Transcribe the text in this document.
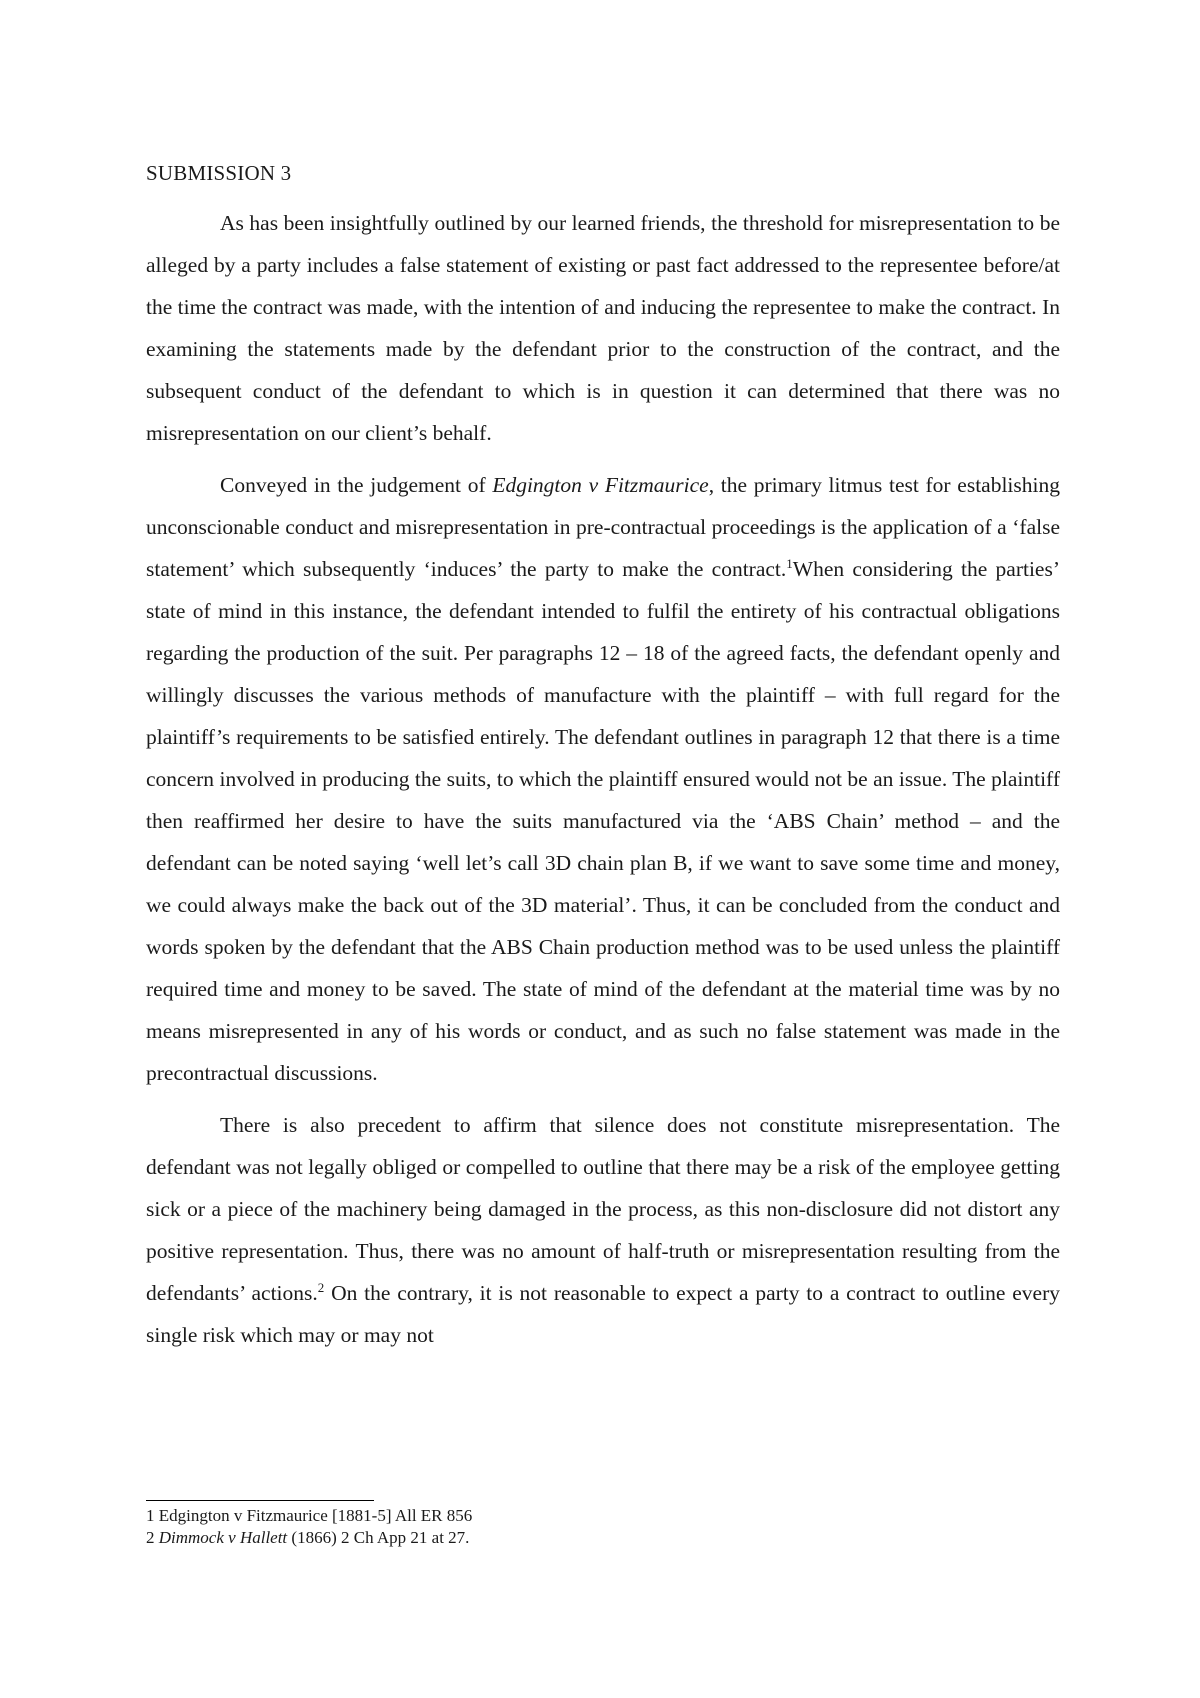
SUBMISSION 3

As has been insightfully outlined by our learned friends, the threshold for misrepresentation to be alleged by a party includes a false statement of existing or past fact addressed to the representee before/at the time the contract was made, with the intention of and inducing the representee to make the contract. In examining the statements made by the defendant prior to the construction of the contract, and the subsequent conduct of the defendant to which is in question it can determined that there was no misrepresentation on our client’s behalf.

Conveyed in the judgement of Edgington v Fitzmaurice, the primary litmus test for establishing unconscionable conduct and misrepresentation in pre-contractual proceedings is the application of a ‘false statement’ which subsequently ‘induces’ the party to make the contract.$^1$When considering the parties’ state of mind in this instance, the defendant intended to fulfil the entirety of his contractual obligations regarding the production of the suit. Per paragraphs 12 – 18 of the agreed facts, the defendant openly and willingly discusses the various methods of manufacture with the plaintiff – with full regard for the plaintiff’s requirements to be satisfied entirely. The defendant outlines in paragraph 12 that there is a time concern involved in producing the suits, to which the plaintiff ensured would not be an issue. The plaintiff then reaffirmed her desire to have the suits manufactured via the ‘ABS Chain’ method – and the defendant can be noted saying ‘well let’s call 3D chain plan B, if we want to save some time and money, we could always make the back out of the 3D material’. Thus, it can be concluded from the conduct and words spoken by the defendant that the ABS Chain production method was to be used unless the plaintiff required time and money to be saved. The state of mind of the defendant at the material time was by no means misrepresented in any of his words or conduct, and as such no false statement was made in the precontractual discussions.

There is also precedent to affirm that silence does not constitute misrepresentation. The defendant was not legally obliged or compelled to outline that there may be a risk of the employee getting sick or a piece of the machinery being damaged in the process, as this non-disclosure did not distort any positive representation. Thus, there was no amount of half-truth or misrepresentation resulting from the defendants’ actions.$^2$ On the contrary, it is not reasonable to expect a party to a contract to outline every single risk which may or may not

1 Edgington v Fitzmaurice [1881-5] All ER 856

2 Dimmock v Hallett (1866) 2 Ch App 21 at 27.
